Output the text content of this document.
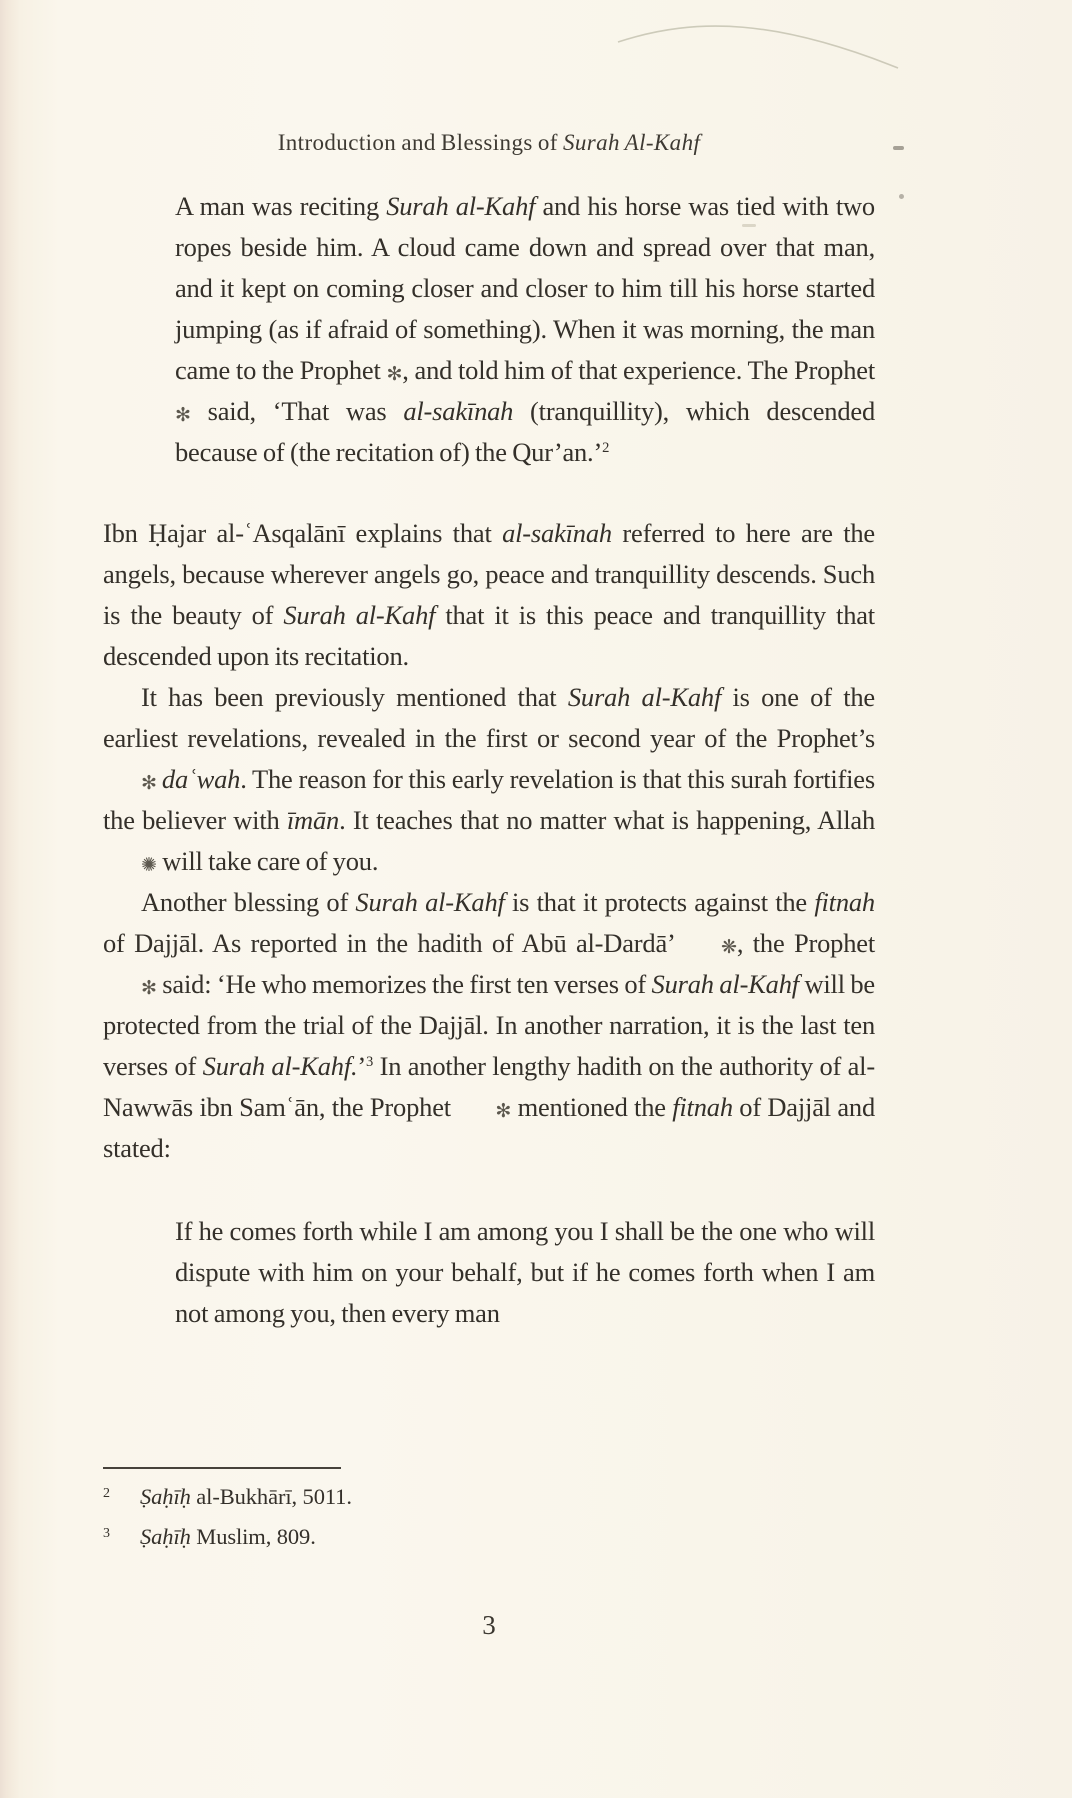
Introduction and Blessings of Surah Al-Kahf
A man was reciting Surah al-Kahf and his horse was tied with two ropes beside him. A cloud came down and spread over that man, and it kept on coming closer and closer to him till his horse started jumping (as if afraid of something). When it was morning, the man came to the Prophet ✻, and told him of that experience. The Prophet ✻ said, ‘That was al-sakīnah (tranquillity), which descended because of (the recitation of) the Qur’an.’$^2$

Ibn Ḥajar al-ʿAsqalānī explains that al-sakīnah referred to here are the angels, because wherever angels go, peace and tranquillity descends. Such is the beauty of Surah al-Kahf that it is this peace and tranquillity that descended upon its recitation.

It has been previously mentioned that Surah al-Kahf is one of the earliest revelations, revealed in the first or second year of the Prophet’s ✻ daʿwah. The reason for this early revelation is that this surah fortifies the believer with īmān. It teaches that no matter what is happening, Allah ✺ will take care of you.

Another blessing of Surah al-Kahf is that it protects against the fitnah of Dajjāl. As reported in the hadith of Abū al-Dardā’ ❋, the Prophet ✻ said: ‘He who memorizes the first ten verses of Surah al-Kahf will be protected from the trial of the Dajjāl. In another narration, it is the last ten verses of Surah al-Kahf.’$^3$ In another lengthy hadith on the authority of al-Nawwās ibn Samʿān, the Prophet ✻ mentioned the fitnah of Dajjāl and stated:

If he comes forth while I am among you I shall be the one who will dispute with him on your behalf, but if he comes forth when I am not among you, then every man
2	Ṣaḥīḥ al-Bukhārī, 5011.
3	Ṣaḥīḥ Muslim, 809.
3
